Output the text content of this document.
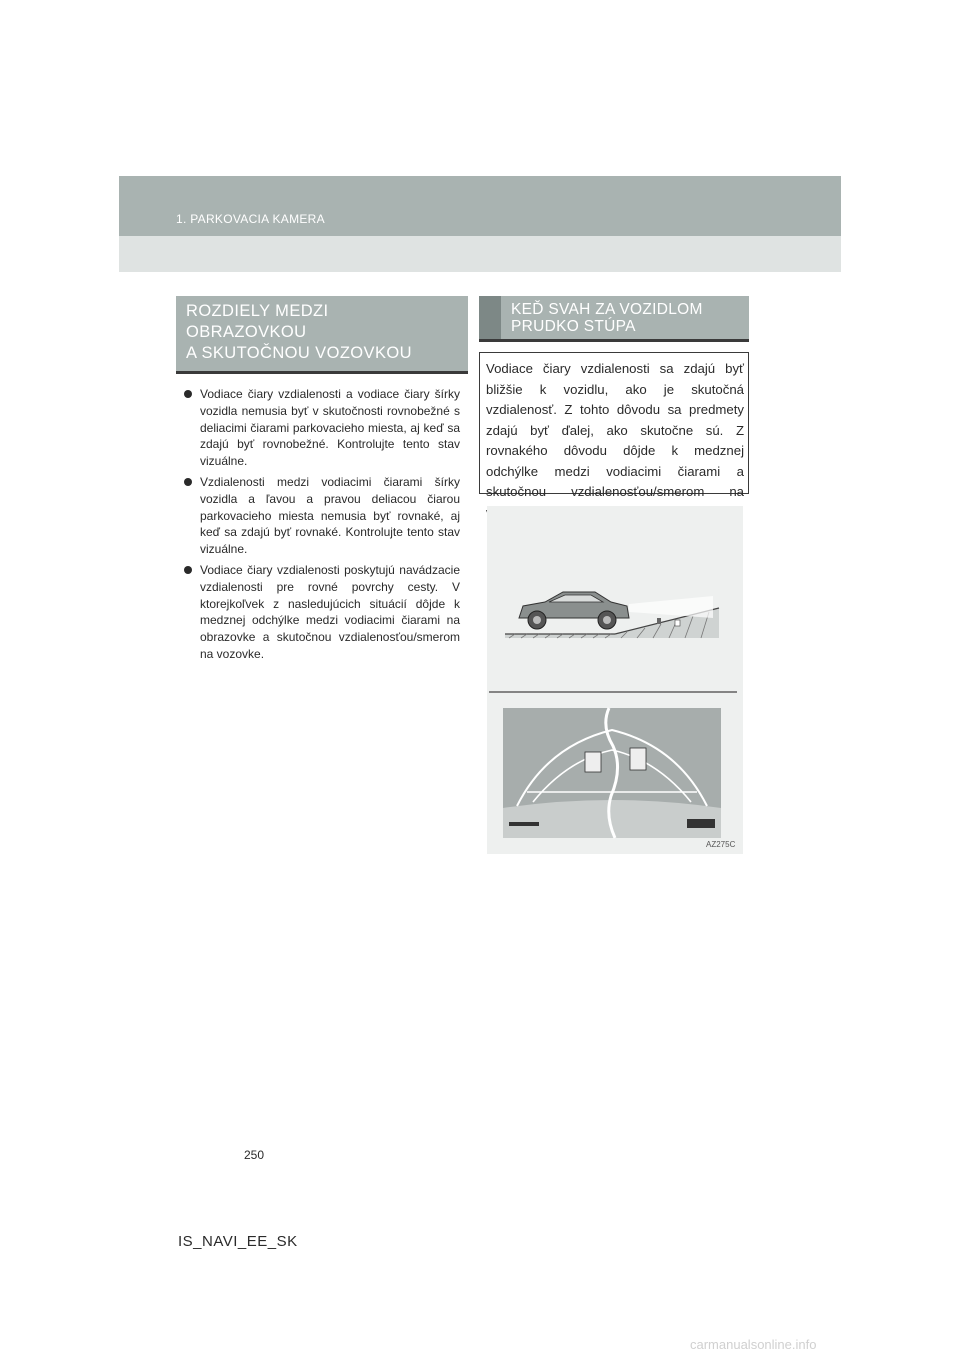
1. PARKOVACIA KAMERA
ROZDIELY MEDZI
OBRAZOVKOU
A SKUTOČNOU VOZOVKOU
Vodiace čiary vzdialenosti a vodiace čiary šírky vozidla nemusia byť v skutočnosti rovnobežné s deliacimi čiarami parkovacieho miesta, aj keď sa zdajú byť rovnobežné. Kontrolujte tento stav vizuálne.
Vzdialenosti medzi vodiacimi čiarami šírky vozidla a ľavou a pravou deliacou čiarou parkovacieho miesta nemusia byť rovnaké, aj keď sa zdajú byť rovnaké. Kontrolujte tento stav vizuálne.
Vodiace čiary vzdialenosti poskytujú navádzacie vzdialenosti pre rovné povrchy cesty. V ktorejkoľvek z nasledujúcich situácií dôjde k medznej odchýlke medzi vodiacimi čiarami na obrazovke a skutočnou vzdialenosťou/smerom na vozovke.
KEĎ SVAH ZA VOZIDLOM
PRUDKO STÚPA
Vodiace čiary vzdialenosti sa zdajú byť bližšie k vozidlu, ako je skutočná vzdialenosť. Z tohto dôvodu sa predmety zdajú byť ďalej, ako skutočne sú. Z rovnakého dôvodu dôjde k medznej odchýlke medzi vodiacimi čiarami a skutočnou vzdialenosťou/smerom na
AZ275C
250
IS_NAVI_EE_SK
carmanualsonline.info
